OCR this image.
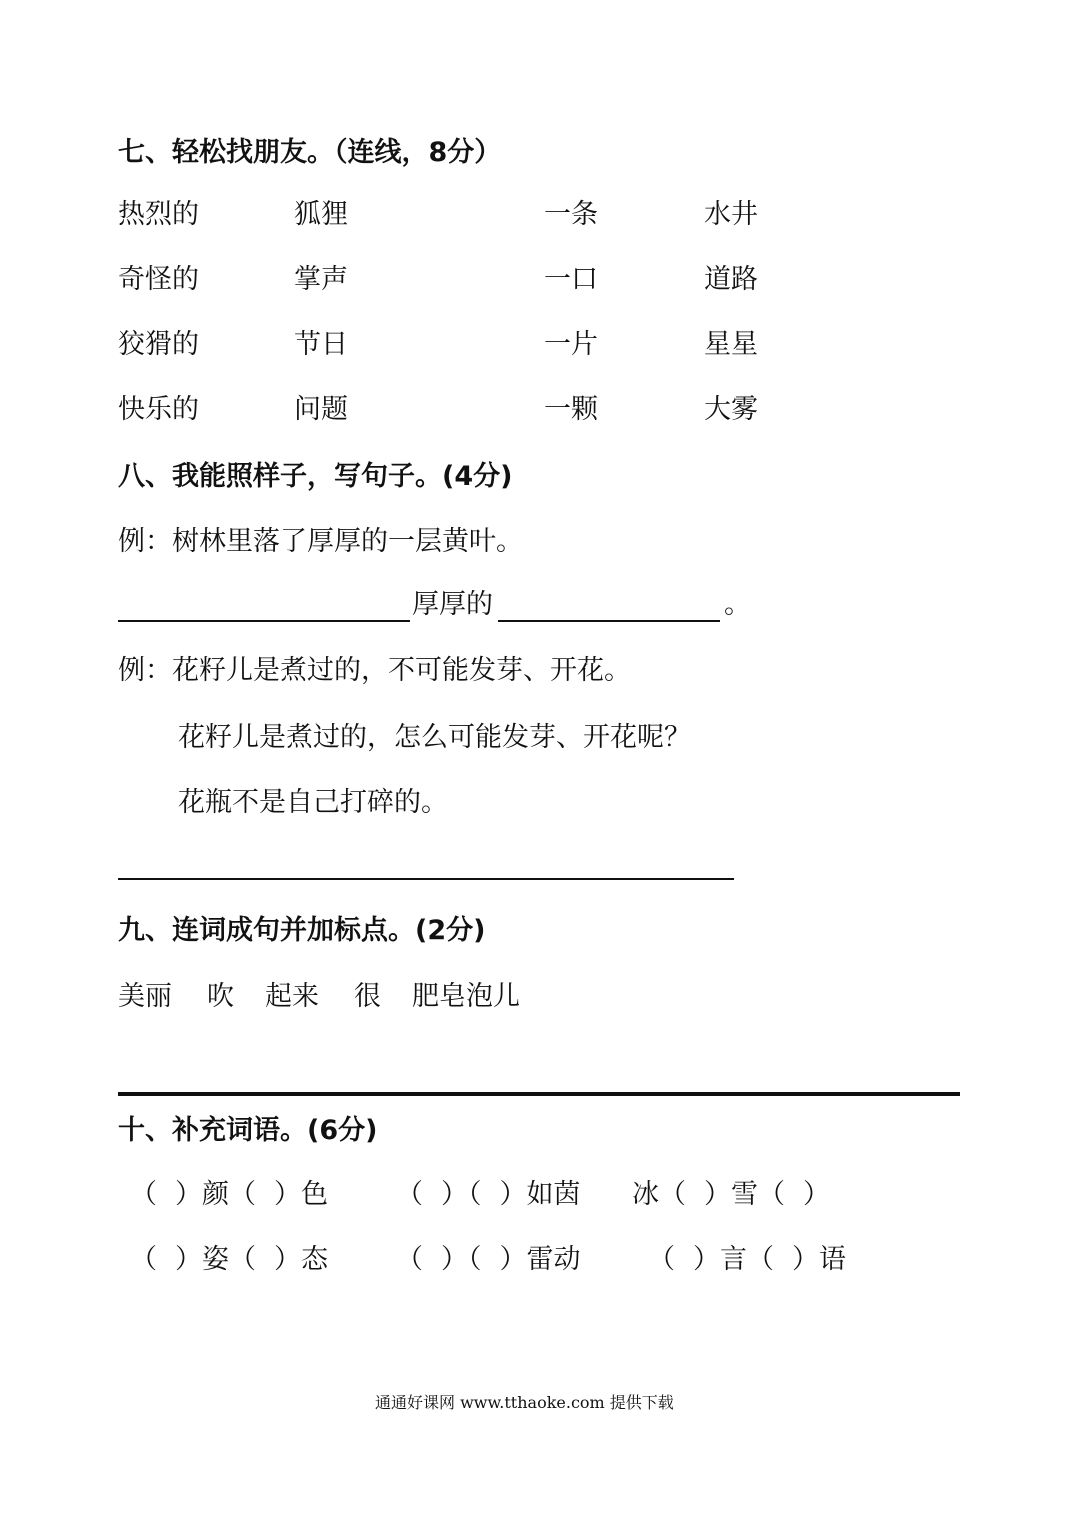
七、轻松找朋友。（连线，8分）
热烈的	狐狸	一条	水井
奇怪的	掌声	一口	道路
狡猾的	节日	一片	星星
快乐的	问题	一颗	大雾
八、我能照样子，写句子。(4分)
例：树林里落了厚厚的一层黄叶。
厚厚的	。
例：花籽儿是煮过的，不可能发芽、开花。
花籽儿是煮过的，怎么可能发芽、开花呢？
花瓶不是自己打碎的。
九、连词成句并加标点。(2分)
美丽 吹 起来 很 肥皂泡儿
十、补充词语。(6分)
（ ）颜（ ）色	（ ）（ ）如茵 冰（ ）雪（ ）
（ ）姿（ ）态	（ ）（ ）雷动	（ ）言（ ）语
通通好课网 www.tthaoke.com 提供下载
